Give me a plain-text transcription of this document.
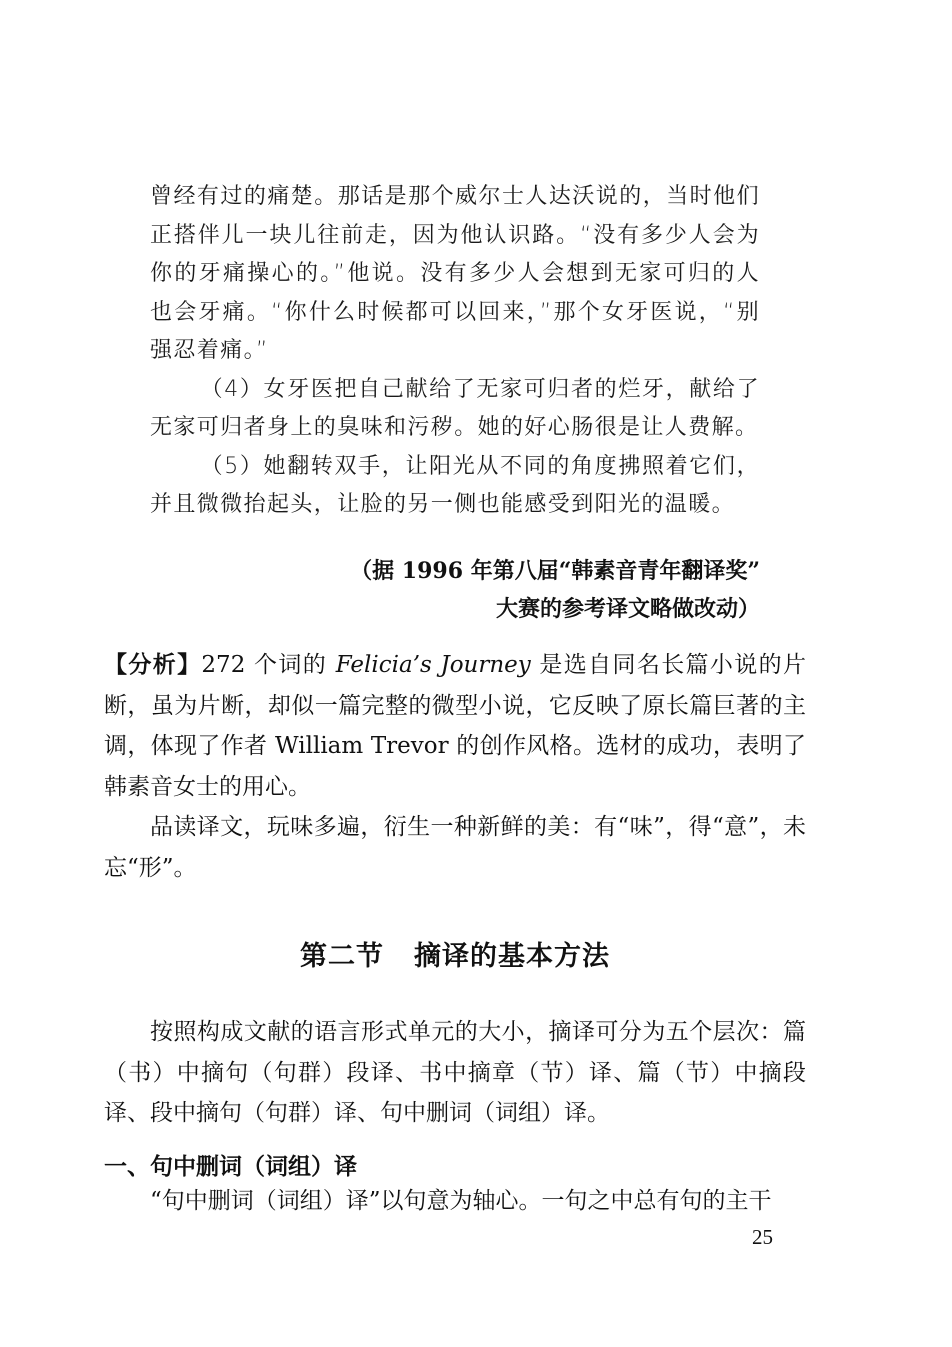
曾经有过的痛楚。那话是那个威尔士人达沃说的，当时他们正搭伴儿一块儿往前走，因为他认识路。“没有多少人会为你的牙痛操心的。”他说。没有多少人会想到无家可归的人也会牙痛。“你什么时候都可以回来，”那个女牙医说，“别强忍着痛。”

（4）女牙医把自己献给了无家可归者的烂牙，献给了无家可归者身上的臭味和污秽。她的好心肠很是让人费解。

（5）她翻转双手，让阳光从不同的角度拂照着它们，并且微微抬起头，让脸的另一侧也能感受到阳光的温暖。

（据 1996 年第八届“韩素音青年翻译奖”
大赛的参考译文略做改动）

【分析】272 个词的 Felicia’s Journey 是选自同名长篇小说的片断，虽为片断，却似一篇完整的微型小说，它反映了原长篇巨著的主调，体现了作者 William Trevor 的创作风格。选材的成功，表明了韩素音女士的用心。

品读译文，玩味多遍，衍生一种新鲜的美：有“味”，得“意”，未忘“形”。

第二节 摘译的基本方法

按照构成文献的语言形式单元的大小，摘译可分为五个层次：篇（书）中摘句（句群）段译、书中摘章（节）译、篇（节）中摘段译、段中摘句（句群）译、句中删词（词组）译。

一、句中删词（词组）译

“句中删词（词组）译”以句意为轴心。一句之中总有句的主干

25
